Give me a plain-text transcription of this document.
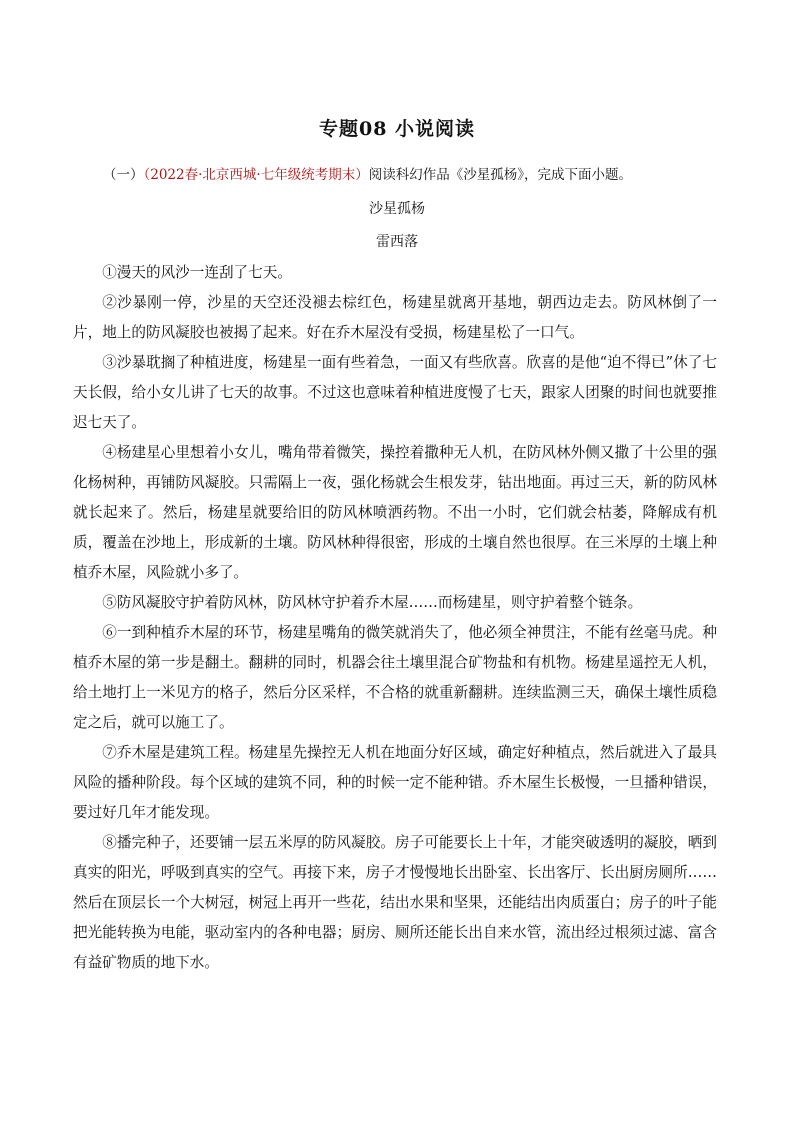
专题08 小说阅读
（一）（2022春·北京西城·七年级统考期末）阅读科幻作品《沙星孤杨》，完成下面小题。
沙星孤杨
雷西落

①漫天的风沙一连刮了七天。

②沙暴刚一停，沙星的天空还没褪去棕红色，杨建星就离开基地，朝西边走去。防风林倒了一片，地上的防风凝胶也被揭了起来。好在乔木屋没有受损，杨建星松了一口气。

③沙暴耽搁了种植进度，杨建星一面有些着急，一面又有些欣喜。欣喜的是他“迫不得已”休了七天长假，给小女儿讲了七天的故事。不过这也意味着种植进度慢了七天，跟家人团聚的时间也就要推迟七天了。

④杨建星心里想着小女儿，嘴角带着微笑，操控着撒种无人机，在防风林外侧又撒了十公里的强化杨树种，再铺防风凝胶。只需隔上一夜，强化杨就会生根发芽，钻出地面。再过三天，新的防风林就长起来了。然后，杨建星就要给旧的防风林喷洒药物。不出一小时，它们就会枯萎，降解成有机质，覆盖在沙地上，形成新的土壤。防风林种得很密，形成的土壤自然也很厚。在三米厚的土壤上种植乔木屋，风险就小多了。

⑤防风凝胶守护着防风林，防风林守护着乔木屋……而杨建星，则守护着整个链条。

⑥一到种植乔木屋的环节，杨建星嘴角的微笑就消失了，他必须全神贯注，不能有丝毫马虎。种植乔木屋的第一步是翻土。翻耕的同时，机器会往土壤里混合矿物盐和有机物。杨建星遥控无人机，给土地打上一米见方的格子，然后分区采样，不合格的就重新翻耕。连续监测三天，确保土壤性质稳定之后，就可以施工了。

⑦乔木屋是建筑工程。杨建星先操控无人机在地面分好区域，确定好种植点，然后就进入了最具风险的播种阶段。每个区域的建筑不同，种的时候一定不能种错。乔木屋生长极慢，一旦播种错误，要过好几年才能发现。

⑧播完种子，还要铺一层五米厚的防风凝胶。房子可能要长上十年，才能突破透明的凝胶，晒到真实的阳光，呼吸到真实的空气。再接下来，房子才慢慢地长出卧室、长出客厅、长出厨房厕所……然后在顶层长一个大树冠，树冠上再开一些花，结出水果和坚果，还能结出肉质蛋白；房子的叶子能把光能转换为电能，驱动室内的各种电器；厨房、厕所还能长出自来水管，流出经过根须过滤、富含有益矿物质的地下水。
